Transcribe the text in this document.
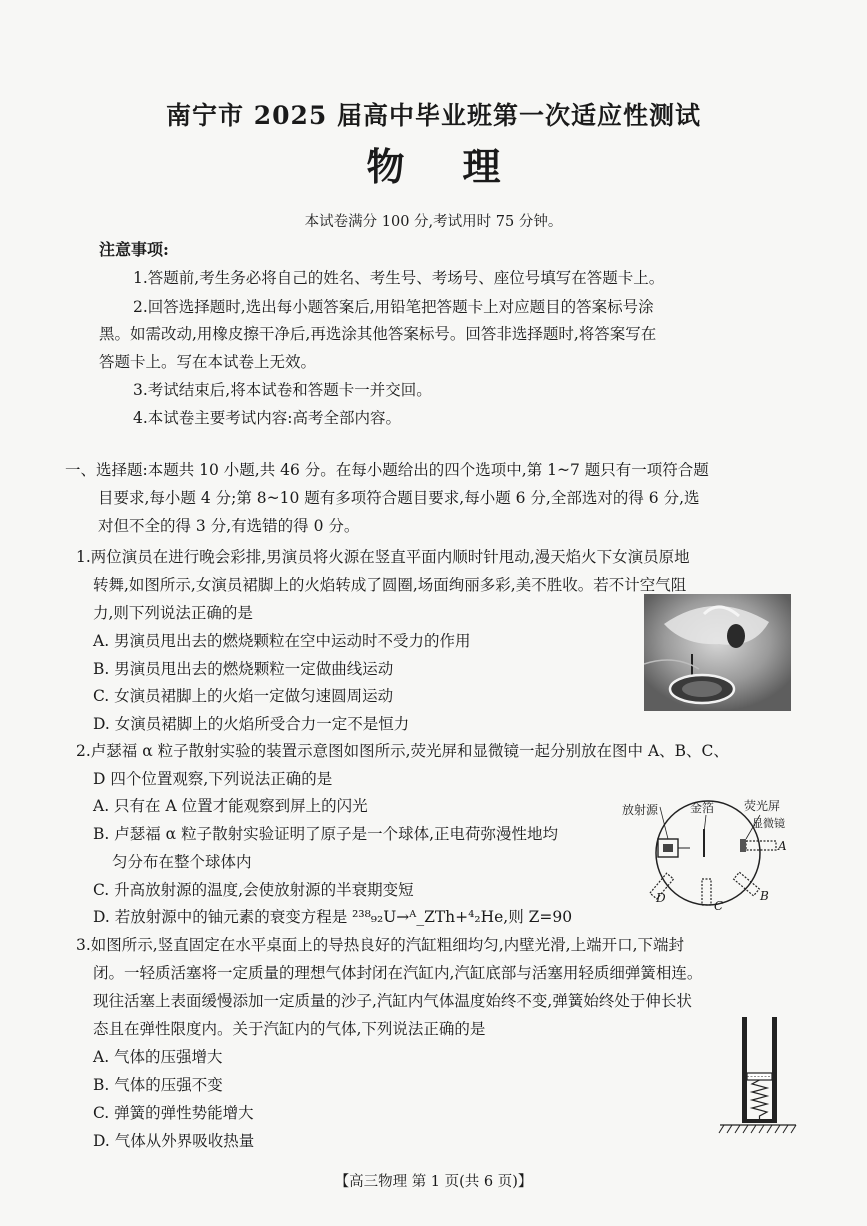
南宁市 2025 届高中毕业班第一次适应性测试
物理
本试卷满分 100 分,考试用时 75 分钟。
注意事项:
1.答题前,考生务必将自己的姓名、考生号、考场号、座位号填写在答题卡上。
2.回答选择题时,选出每小题答案后,用铅笔把答题卡上对应题目的答案标号涂
黑。如需改动,用橡皮擦干净后,再选涂其他答案标号。回答非选择题时,将答案写在
答题卡上。写在本试卷上无效。
3.考试结束后,将本试卷和答题卡一并交回。
4.本试卷主要考试内容:高考全部内容。
一、选择题:本题共 10 小题,共 46 分。在每小题给出的四个选项中,第 1~7 题只有一项符合题
目要求,每小题 4 分;第 8~10 题有多项符合题目要求,每小题 6 分,全部选对的得 6 分,选
对但不全的得 3 分,有选错的得 0 分。
1.两位演员在进行晚会彩排,男演员将火源在竖直平面内顺时针甩动,漫天焰火下女演员原地
转舞,如图所示,女演员裙脚上的火焰转成了圆圈,场面绚丽多彩,美不胜收。若不计空气阻
力,则下列说法正确的是
A. 男演员甩出去的燃烧颗粒在空中运动时不受力的作用
B. 男演员甩出去的燃烧颗粒一定做曲线运动
C. 女演员裙脚上的火焰一定做匀速圆周运动
D. 女演员裙脚上的火焰所受合力一定不是恒力
2.卢瑟福 α 粒子散射实验的装置示意图如图所示,荧光屏和显微镜一起分别放在图中 A、B、C、
D 四个位置观察,下列说法正确的是
A. 只有在 A 位置才能观察到屏上的闪光
B. 卢瑟福 α 粒子散射实验证明了原子是一个球体,正电荷弥漫性地均
匀分布在整个球体内
C. 升高放射源的温度,会使放射源的半衰期变短
D. 若放射源中的铀元素的衰变方程是 ²³⁸₉₂U→ᴬ_ZTh+⁴₂He,则 Z=90
放射源	金箔 荧光屏
显微镜
A
B
C
D
3.如图所示,竖直固定在水平桌面上的导热良好的汽缸粗细均匀,内壁光滑,上端开口,下端封
闭。一轻质活塞将一定质量的理想气体封闭在汽缸内,汽缸底部与活塞用轻质细弹簧相连。
现往活塞上表面缓慢添加一定质量的沙子,汽缸内气体温度始终不变,弹簧始终处于伸长状
态且在弹性限度内。关于汽缸内的气体,下列说法正确的是
A. 气体的压强增大
B. 气体的压强不变
C. 弹簧的弹性势能增大
D. 气体从外界吸收热量
【高三物理 第 1 页(共 6 页)】
